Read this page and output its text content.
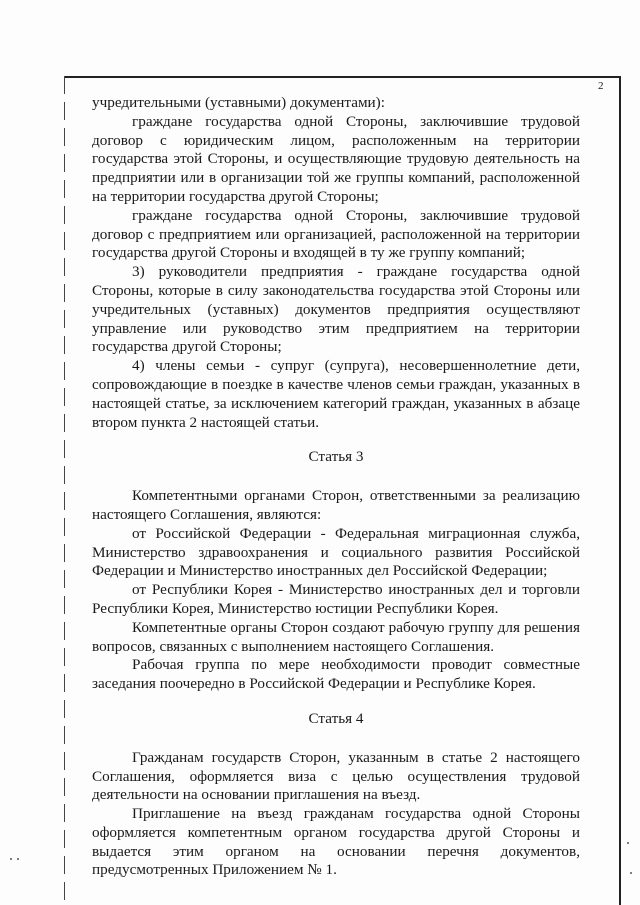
2

учредительными (уставными) документами):

граждане государства одной Стороны, заключившие трудовой договор с юридическим лицом, расположенным на территории государства этой Стороны, и осуществляющие трудовую деятельность на предприятии или в организации той же группы компаний, расположенной на территории государства другой Стороны;

граждане государства одной Стороны, заключившие трудовой договор с предприятием или организацией, расположенной на территории государства другой Стороны и входящей в ту же группу компаний;

3) руководители предприятия - граждане государства одной Стороны, которые в силу законодательства государства этой Стороны или учредительных (уставных) документов предприятия осуществляют управление или руководство этим предприятием на территории государства другой Стороны;

4) члены семьи - супруг (супруга), несовершеннолетние дети, сопровождающие в поездке в качестве членов семьи граждан, указанных в настоящей статье, за исключением категорий граждан, указанных в абзаце втором пункта 2 настоящей статьи.

Статья 3

Компетентными органами Сторон, ответственными за реализацию настоящего Соглашения, являются:

от Российской Федерации - Федеральная миграционная служба, Министерство здравоохранения и социального развития Российской Федерации и Министерство иностранных дел Российской Федерации;

от Республики Корея - Министерство иностранных дел и торговли Республики Корея, Министерство юстиции Республики Корея.

Компетентные органы Сторон создают рабочую группу для решения вопросов, связанных с выполнением настоящего Соглашения.

Рабочая группа по мере необходимости проводит совместные заседания поочередно в Российской Федерации и Республике Корея.

Статья 4

Гражданам государств Сторон, указанным в статье 2 настоящего Соглашения, оформляется виза с целью осуществления трудовой деятельности на основании приглашения на въезд.

Приглашение на въезд гражданам государства одной Стороны оформляется компетентным органом государства другой Стороны и выдается этим органом на основании перечня документов, предусмотренных Приложением № 1.
